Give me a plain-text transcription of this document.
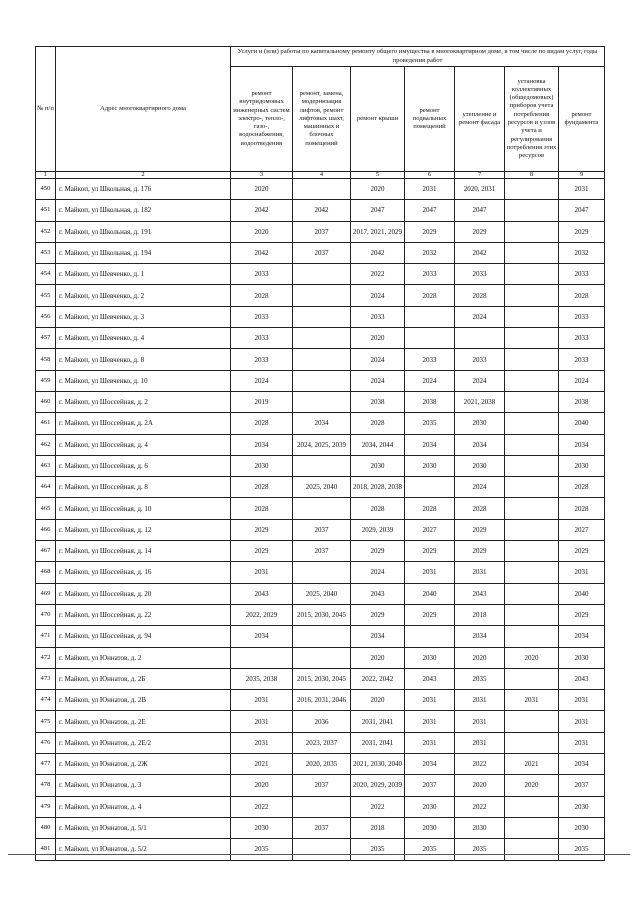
№ п/п	Адрес многоквартирного дома	Услуги и (или) работы по капитальному ремонту общего имущества в многоквартирном доме, в том числе по видам услуг, годы проведения работ						
		ремонт внутридомовых инженерных систем электро-, тепло-, газо-, водоснабжения, водоотведения	ремонт, замена, модернизация лифтов, ремонт лифтовых шахт, машинных и блочных помещений	ремонт крыши	ремонт подвальных помещений	утепление и ремонт фасада	установка коллективных (общедомовых) приборов учета потребления ресурсов и узлов учета и регулирования потребления этих ресурсов	ремонт фундамента
1	2	3	4	5	6	7	8	9
450	г. Майкоп, ул Школьная, д. 176	2020		2020	2031	2020, 2031		2031
451	г. Майкоп, ул Школьная, д. 182	2042	2042	2047	2047	2047		2047
452	г. Майкоп, ул Школьная, д. 191	2020	2037	2017, 2021, 2029	2029	2029		2029
453	г. Майкоп, ул Школьная, д. 194	2042	2037	2042	2032	2042		2032
454	г. Майкоп, ул Шевченко, д. 1	2033		2022	2033	2033		2033
455	г. Майкоп, ул Шевченко, д. 2	2028		2024	2028	2028		2028
456	г. Майкоп, ул Шевченко, д. 3	2033		2033		2024		2033
457	г. Майкоп, ул Шевченко, д. 4	2033		2020				2033
458	г. Майкоп, ул Шевченко, д. 8	2033		2024	2033	2033		2033
459	г. Майкоп, ул Шевченко, д. 10	2024		2024	2024	2024		2024
460	г. Майкоп, ул Шоссейная, д. 2	2019		2038	2038	2021, 2038		2038
461	г. Майкоп, ул Шоссейная, д. 2А	2028	2034	2028	2035	2030		2040
462	г. Майкоп, ул Шоссейная, д. 4	2034	2024, 2025, 2039	2034, 2044	2034	2034		2034
463	г. Майкоп, ул Шоссейная, д. 6	2030		2030	2030	2030		2030
464	г. Майкоп, ул Шоссейная, д. 8	2028	2025, 2040	2018, 2028, 2038		2024		2028
465	г. Майкоп, ул Шоссейная, д. 10	2028		2028	2028	2028		2028
466	г. Майкоп, ул Шоссейная, д. 12	2029	2037	2029, 2039	2027	2029		2027
467	г. Майкоп, ул Шоссейная, д. 14	2029	2037	2029	2029	2029		2029
468	г. Майкоп, ул Шоссейная, д. 16	2031		2024	2031	2031		2031
469	г. Майкоп, ул Шоссейная, д. 20	2043	2025, 2040	2043	2040	2043		2040
470	г. Майкоп, ул Шоссейная, д. 22	2022, 2029	2015, 2030, 2045	2029	2029	2018		2029
471	г. Майкоп, ул Шоссейная, д. 94	2034		2034		2034		2034
472	г. Майкоп, ул Юннатов, д. 2			2020	2030	2020	2020	2030
473	г. Майкоп, ул Юннатов, д. 2Б	2035, 2038	2015, 2030, 2045	2022, 2042	2043	2035		2043
474	г. Майкоп, ул Юннатов, д. 2В	2031	2016, 2031, 2046	2020	2031	2031	2031	2031
475	г. Майкоп, ул Юннатов, д. 2Е	2031	2036	2031, 2041	2031	2031		2031
476	г. Майкоп, ул Юннатов, д. 2Е/2	2031	2023, 2037	2031, 2041	2031	2031		2031
477	г. Майкоп, ул Юннатов, д. 2Ж	2021	2020, 2035	2021, 2030, 2040	2034	2022	2021	2034
478	г. Майкоп, ул Юннатов, д. 3	2020	2037	2020, 2029, 2039	2037	2020	2020	2037
479	г. Майкоп, ул Юннатов, д. 4	2022		2022	2030	2022		2030
480	г. Майкоп, ул Юннатов, д. 5/1	2030	2037	2018	2030	2030		2030
481	г. Майкоп, ул Юннатов, д. 5/2	2035		2035	2035	2035		2035
